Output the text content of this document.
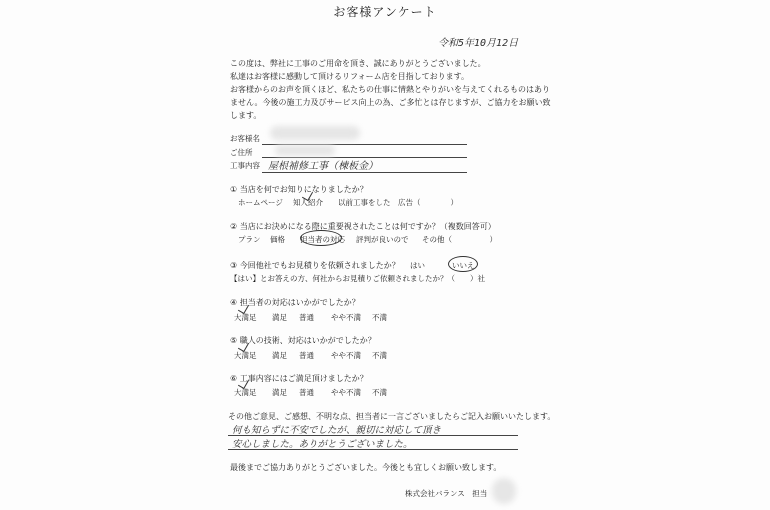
お客様アンケート
令和5年10月12日
この度は、弊社に工事のご用命を頂き、誠にありがとうございました。
私達はお客様に感動して頂けるリフォーム店を目指しております。
お客様からのお声を頂くほど、私たちの仕事に情熱とやりがいを与えてくれるものはあり
ません。今後の施工力及びサービス向上の為、ご多忙とは存じますが、ご協力をお願い致
します。
お客様名
ご住所
工事内容 屋根補修工事（棟板金）
① 当店を何でお知りになりましたか？
ホームページ 知人紹介 以前工事をした 広告（　　　　）
② 当店にお決めになる際に重要視されたことは何ですか？（複数回答可）
プラン 価格 担当者の対応 評判が良いので その他（　　　　　）
③ 今回他社でもお見積りを依頼されましたか？ はい	いいえ
【はい】とお答えの方、何社からお見積りご依頼されましたか？（　　）社
④ 担当者の対応はいかがでしたか？
大満足 満足 普通 やや不満 不満
⑤ 職人の技術、対応はいかがでしたか？
大満足 満足 普通 やや不満 不満
⑥ 工事内容にはご満足頂けましたか？
大満足 満足 普通 やや不満 不満
その他ご意見、ご感想、不明な点、担当者に一言ございましたらご記入お願いいたします。
何も知らずに不安でしたが、親切に対応して頂き
安心しました。ありがとうございました。
最後までご協力ありがとうございました。今後とも宜しくお願い致します。
株式会社バランス　担当
